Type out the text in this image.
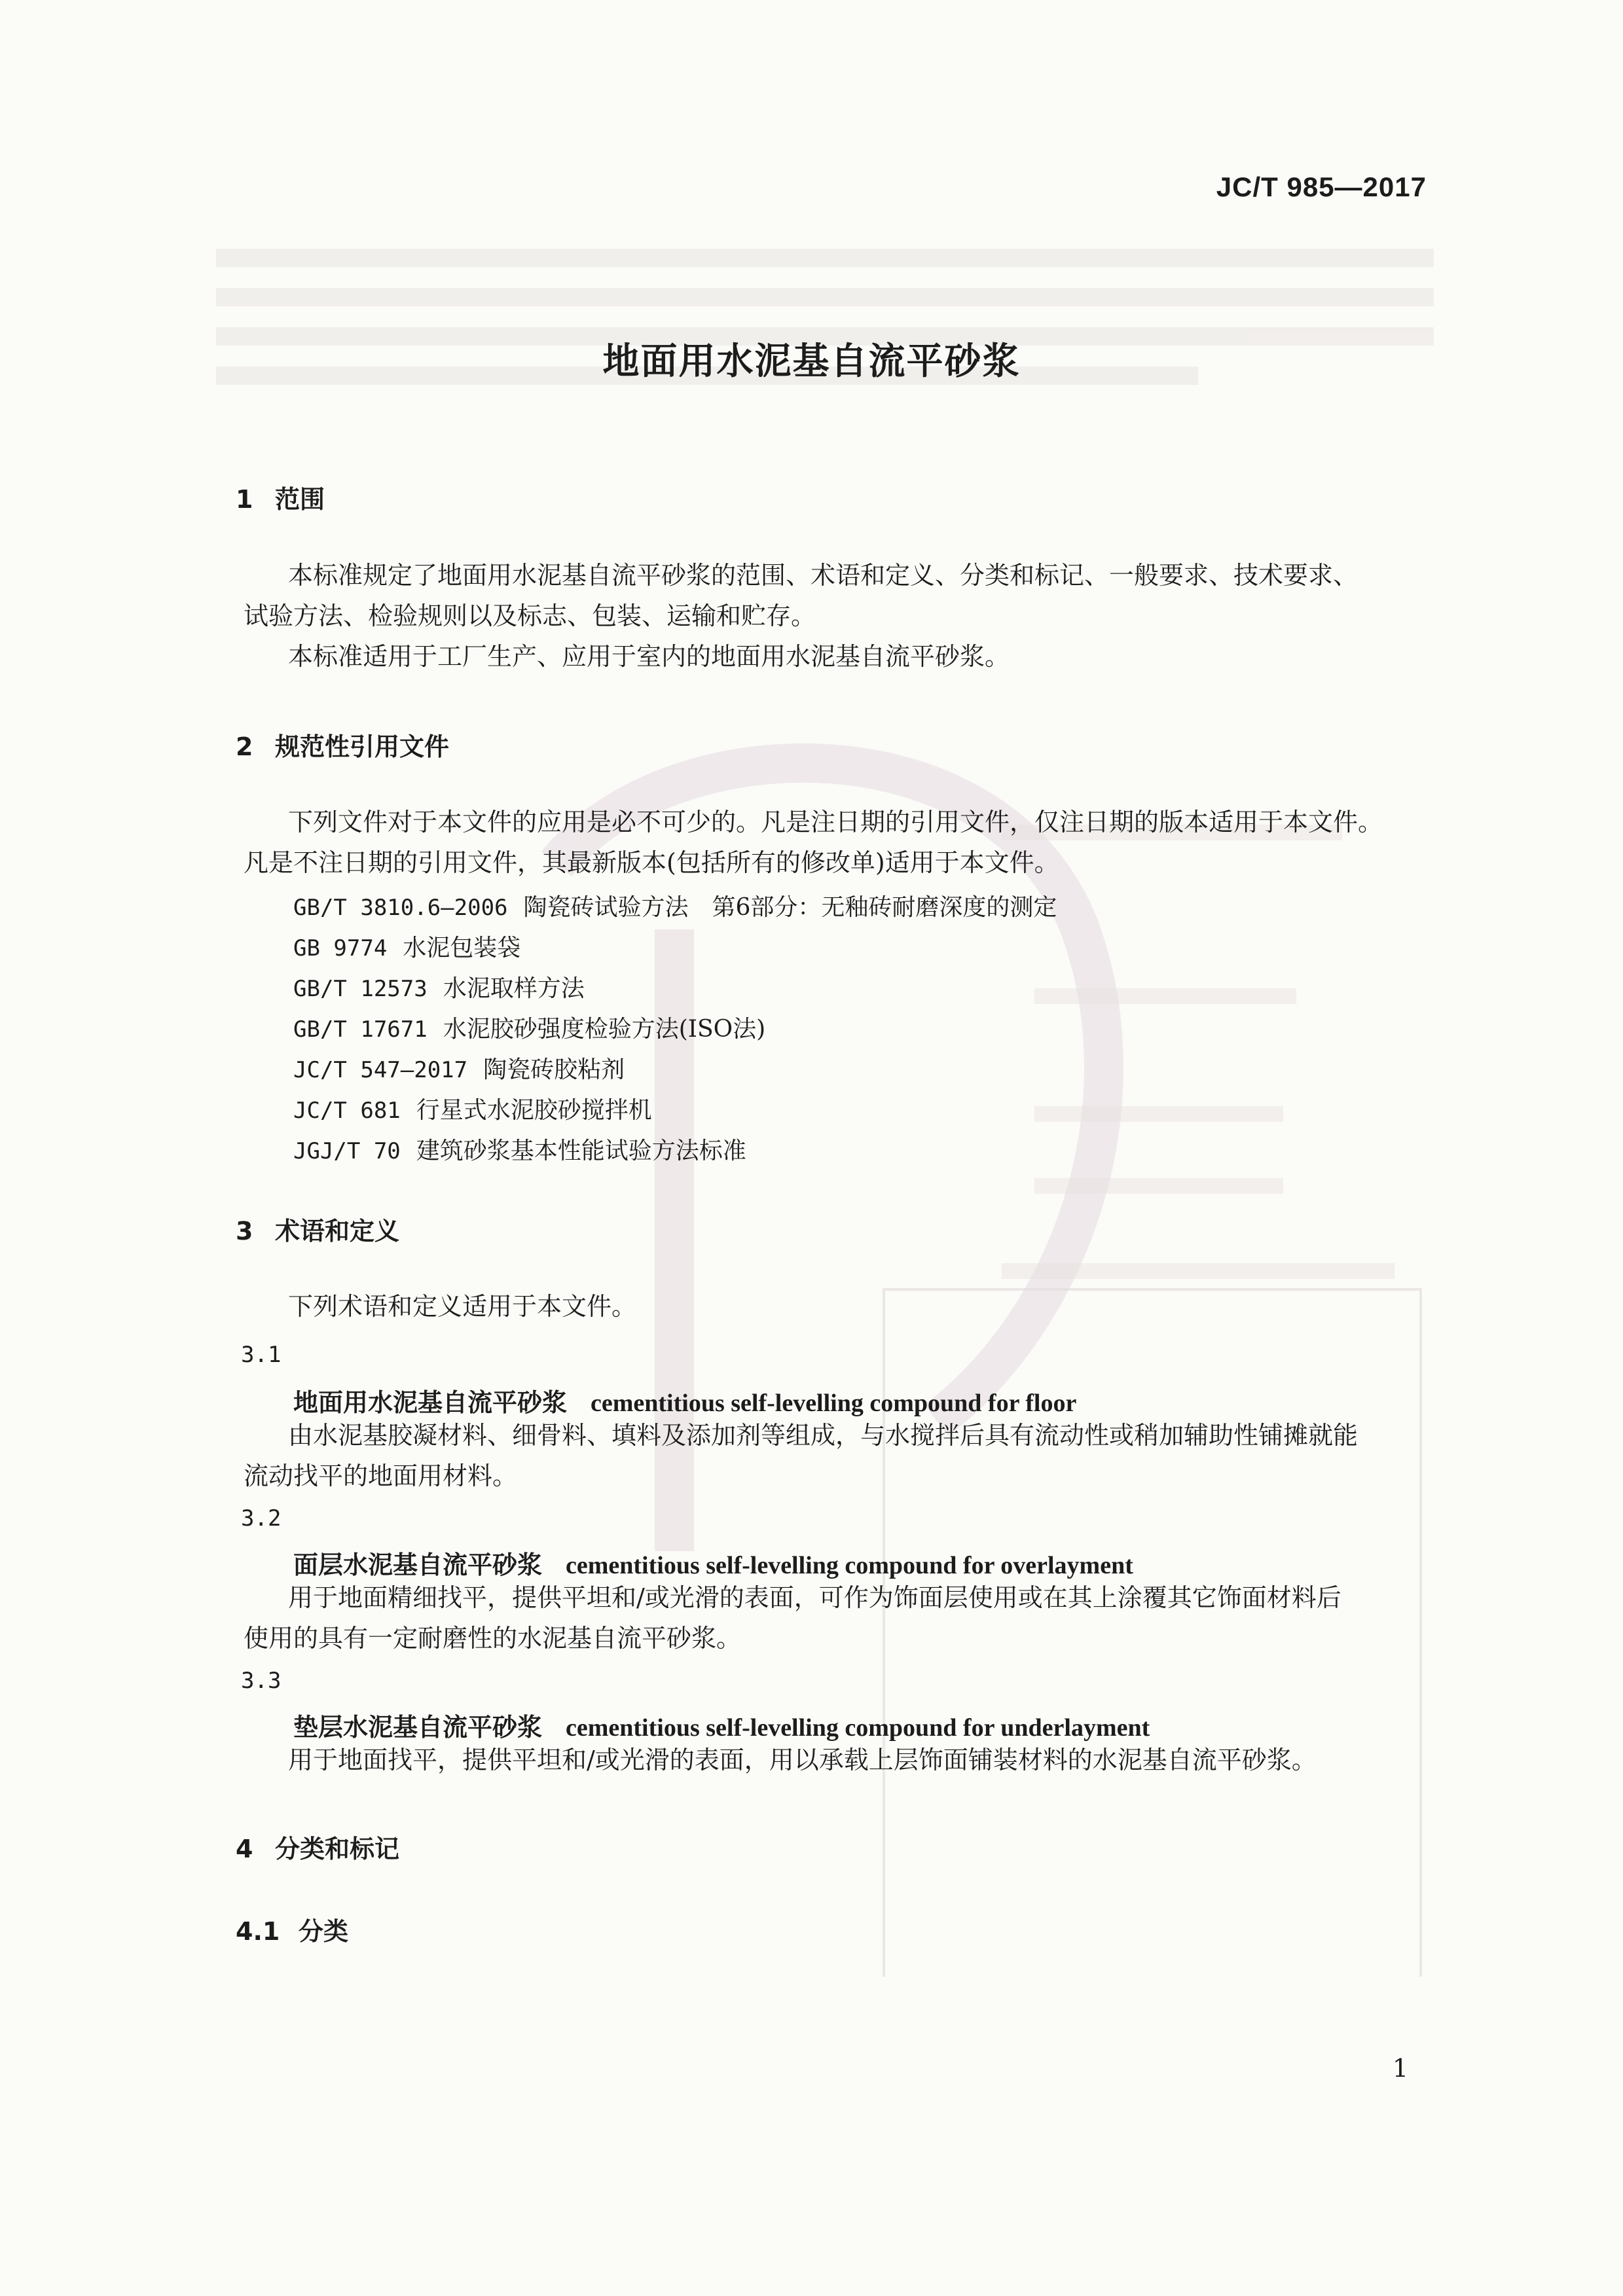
JC/T 985—2017
地面用水泥基自流平砂浆
1 范围
本标准规定了地面用水泥基自流平砂浆的范围、术语和定义、分类和标记、一般要求、技术要求、
试验方法、检验规则以及标志、包装、运输和贮存。
本标准适用于工厂生产、应用于室内的地面用水泥基自流平砂浆。
2 规范性引用文件
下列文件对于本文件的应用是必不可少的。凡是注日期的引用文件，仅注日期的版本适用于本文件。
凡是不注日期的引用文件，其最新版本(包括所有的修改单)适用于本文件。
GB/T 3810.6—2006 陶瓷砖试验方法　第6部分：无釉砖耐磨深度的测定
GB 9774 水泥包装袋
GB/T 12573 水泥取样方法
GB/T 17671 水泥胶砂强度检验方法(ISO法)
JC/T 547—2017 陶瓷砖胶粘剂
JC/T 681 行星式水泥胶砂搅拌机
JGJ/T 70 建筑砂浆基本性能试验方法标准
3 术语和定义
下列术语和定义适用于本文件。
3.1
地面用水泥基自流平砂浆 cementitious self-levelling compound for floor
由水泥基胶凝材料、细骨料、填料及添加剂等组成，与水搅拌后具有流动性或稍加辅助性铺摊就能
流动找平的地面用材料。
3.2
面层水泥基自流平砂浆 cementitious self-levelling compound for overlayment
用于地面精细找平，提供平坦和/或光滑的表面，可作为饰面层使用或在其上涂覆其它饰面材料后
使用的具有一定耐磨性的水泥基自流平砂浆。
3.3
垫层水泥基自流平砂浆 cementitious self-levelling compound for underlayment
用于地面找平，提供平坦和/或光滑的表面，用以承载上层饰面铺装材料的水泥基自流平砂浆。
4 分类和标记
4.1 分类
1
